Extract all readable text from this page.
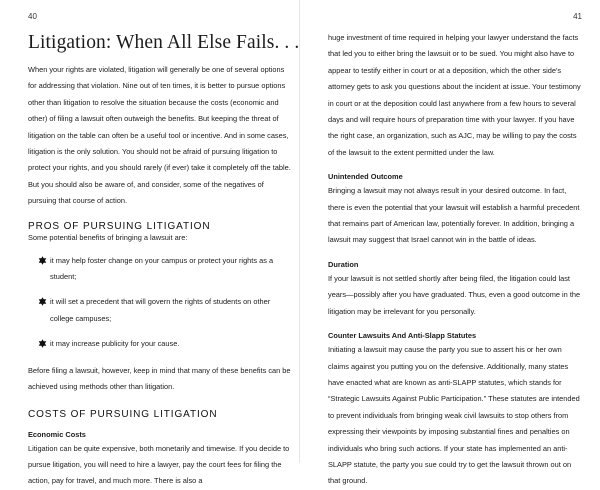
40
Litigation: When All Else Fails. . .

When your rights are violated, litigation will generally be one of several options for addressing that violation. Nine out of ten times, it is better to pursue options other than litigation to resolve the situation because the costs (economic and other) of filing a lawsuit often outweigh the benefits. But keeping the threat of litigation on the table can often be a useful tool or incentive. And in some cases, litigation is the only solution. You should not be afraid of pursuing litigation to protect your rights, and you should rarely (if ever) take it completely off the table. But you should also be aware of, and consider, some of the negatives of pursuing that course of action.

PROS OF PURSUING LITIGATION

Some potential benefits of bringing a lawsuit are:

it may help foster change on your campus or protect your rights as a student;
it will set a precedent that will govern the rights of students on other college campuses;
it may increase publicity for your cause.

Before filing a lawsuit, however, keep in mind that many of these benefits can be achieved using methods other than litigation.

COSTS OF PURSUING LITIGATION
Economic Costs

Litigation can be quite expensive, both monetarily and timewise. If you decide to pursue litigation, you will need to hire a lawyer, pay the court fees for filing the action, pay for travel, and much more. There is also a

41

huge investment of time required in helping your lawyer understand the facts that led you to either bring the lawsuit or to be sued. You might also have to appear to testify either in court or at a deposition, which the other side's attorney gets to ask you questions about the incident at issue. Your testimony in court or at the deposition could last anywhere from a few hours to several days and will require hours of preparation time with your lawyer. If you have the right case, an organization, such as AJC, may be willing to pay the costs of the lawsuit to the extent permitted under the law.

Unintended Outcome

Bringing a lawsuit may not always result in your desired outcome. In fact, there is even the potential that your lawsuit will establish a harmful precedent that remains part of American law, potentially forever. In addition, bringing a lawsuit may suggest that Israel cannot win in the battle of ideas.

Duration

If your lawsuit is not settled shortly after being filed, the litigation could last years—possibly after you have graduated. Thus, even a good outcome in the litigation may be irrelevant for you personally.

Counter Lawsuits And Anti-Slapp Statutes

Initiating a lawsuit may cause the party you sue to assert his or her own claims against you putting you on the defensive. Additionally, many states have enacted what are known as anti-SLAPP statutes, which stands for “Strategic Lawsuits Against Public Participation.” These statutes are intended to prevent individuals from bringing weak civil lawsuits to stop others from expressing their viewpoints by imposing substantial fines and penalties on individuals who bring such actions. If your state has implemented an anti-SLAPP statute, the party you sue could try to get the lawsuit thrown out on that ground.
